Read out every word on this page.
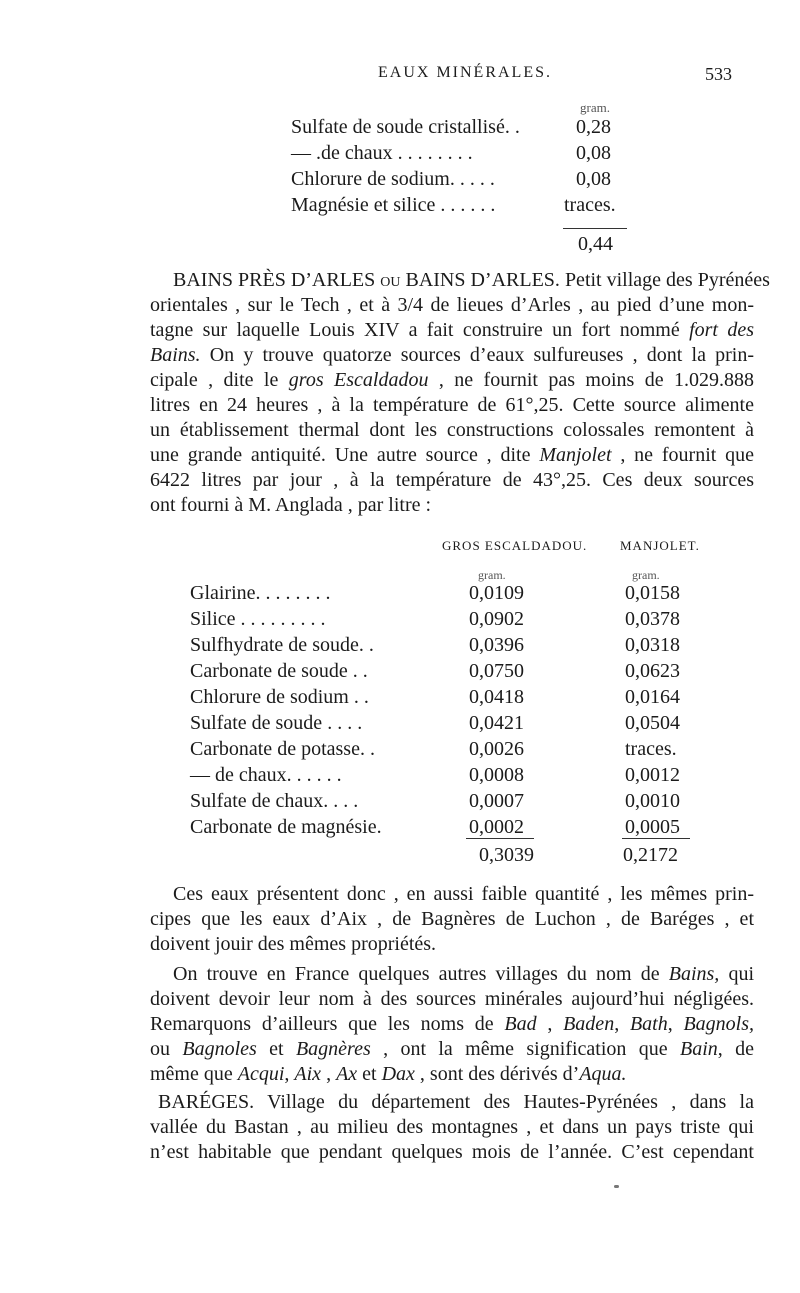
EAUX MINÉRALES.	533
gram.
Sulfate de soude cristallisé. .	0,28
— .de chaux . . . . . . . .	0,08
Chlorure de sodium. . . . .	0,08
Magnésie et silice . . . . . .	traces.
0,44
BAINS PRÈS D’ARLES ou BAINS D’ARLES. Petit village des Pyrénées
orientales , sur le Tech , et à 3/4 de lieues d’Arles , au pied d’une mon-
tagne sur laquelle Louis XIV a fait construire un fort nommé fort des
Bains. On y trouve quatorze sources d’eaux sulfureuses , dont la prin-
cipale , dite le gros Escaldadou , ne fournit pas moins de 1.029.888
litres en 24 heures , à la température de 61°,25. Cette source alimente
un établissement thermal dont les constructions colossales remontent à
une grande antiquité. Une autre source , dite Manjolet , ne fournit que
6422 litres par jour , à la température de 43°,25. Ces deux sources
ont fourni à M. Anglada , par litre :
GROS ESCALDADOU.	MANJOLET.
gram.	gram.
Glairine. . . . . . . .	0,0109	0,0158
Silice . . . . . . . . .	0,0902	0,0378
Sulfhydrate de soude. .	0,0396	0,0318
Carbonate de soude . .	0,0750	0,0623
Chlorure de sodium . .	0,0418	0,0164
Sulfate de soude . . . .	0,0421	0,0504
Carbonate de potasse. .	0,0026	traces.
— de chaux. . . . . .	0,0008	0,0012
Sulfate de chaux. . . .	0,0007	0,0010
Carbonate de magnésie.	0,0002	0,0005
0,3039	0,2172
Ces eaux présentent donc , en aussi faible quantité , les mêmes prin-
cipes que les eaux d’Aix , de Bagnères de Luchon , de Baréges , et
doivent jouir des mêmes propriétés.
On trouve en France quelques autres villages du nom de Bains, qui
doivent devoir leur nom à des sources minérales aujourd’hui négligées.
Remarquons d’ailleurs que les noms de Bad , Baden, Bath, Bagnols,
ou Bagnoles et Bagnères , ont la même signification que Bain, de
même que Acqui, Aix , Ax et Dax , sont des dérivés d’Aqua.
BARÉGES. Village du département des Hautes-Pyrénées , dans la
vallée du Bastan , au milieu des montagnes , et dans un pays triste qui
n’est habitable que pendant quelques mois de l’année. C’est cependant
